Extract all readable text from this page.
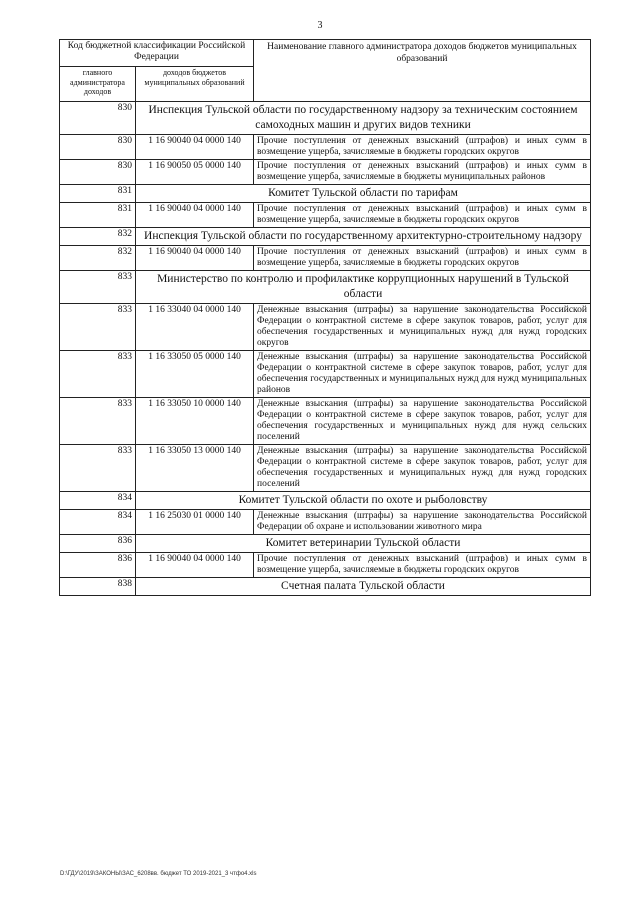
3
Код бюджетной классификации Российской Федерации		Наименование главного администратора доходов бюджетов муниципальных образований
главного администратора доходов	доходов бюджетов муниципальных образований	
830	Инспекция Тульской области по государственному надзору за техническим состоянием самоходных машин и других видов техники	
830	1 16 90040 04 0000 140	Прочие поступления от денежных взысканий (штрафов) и иных сумм в возмещение ущерба, зачисляемые в бюджеты городских округов
830	1 16 90050 05 0000 140	Прочие поступления от денежных взысканий (штрафов) и иных сумм в возмещение ущерба, зачисляемые в бюджеты муниципальных районов
831	Комитет Тульской области по тарифам	
831	1 16 90040 04 0000 140	Прочие поступления от денежных взысканий (штрафов) и иных сумм в возмещение ущерба, зачисляемые в бюджеты городских округов
832	Инспекция Тульской области по государственному архитектурно-строительному надзору	
832	1 16 90040 04 0000 140	Прочие поступления от денежных взысканий (штрафов) и иных сумм в возмещение ущерба, зачисляемые в бюджеты городских округов
833	Министерство по контролю и профилактике коррупционных нарушений в Тульской области	
833	1 16 33040 04 0000 140	Денежные взыскания (штрафы) за нарушение законодательства Российской Федерации о контрактной системе в сфере закупок товаров, работ, услуг для обеспечения государственных и муниципальных нужд для нужд городских округов
833	1 16 33050 05 0000 140	Денежные взыскания (штрафы) за нарушение законодательства Российской Федерации о контрактной системе в сфере закупок товаров, работ, услуг для обеспечения государственных и муниципальных нужд для нужд муниципальных районов
833	1 16 33050 10 0000 140	Денежные взыскания (штрафы) за нарушение законодательства Российской Федерации о контрактной системе в сфере закупок товаров, работ, услуг для обеспечения государственных и муниципальных нужд для нужд сельских поселений
833	1 16 33050 13 0000 140	Денежные взыскания (штрафы) за нарушение законодательства Российской Федерации о контрактной системе в сфере закупок товаров, работ, услуг для обеспечения государственных и муниципальных нужд для нужд городских поселений
834	Комитет Тульской области по охоте и рыболовству	
834	1 16 25030 01 0000 140	Денежные взыскания (штрафы) за нарушение законодательства Российской Федерации об охране и использовании животного мира
836	Комитет ветеринарии Тульской области	
836	1 16 90040 04 0000 140	Прочие поступления от денежных взысканий (штрафов) и иных сумм в возмещение ущерба, зачисляемые в бюджеты городских округов
838	Счетная палата Тульской области	
D:\ГДУ\2019\ЗАКОНЫ\ЗАС_6208вв. бюджет ТО 2019-2021_3 чтфо4.xls
